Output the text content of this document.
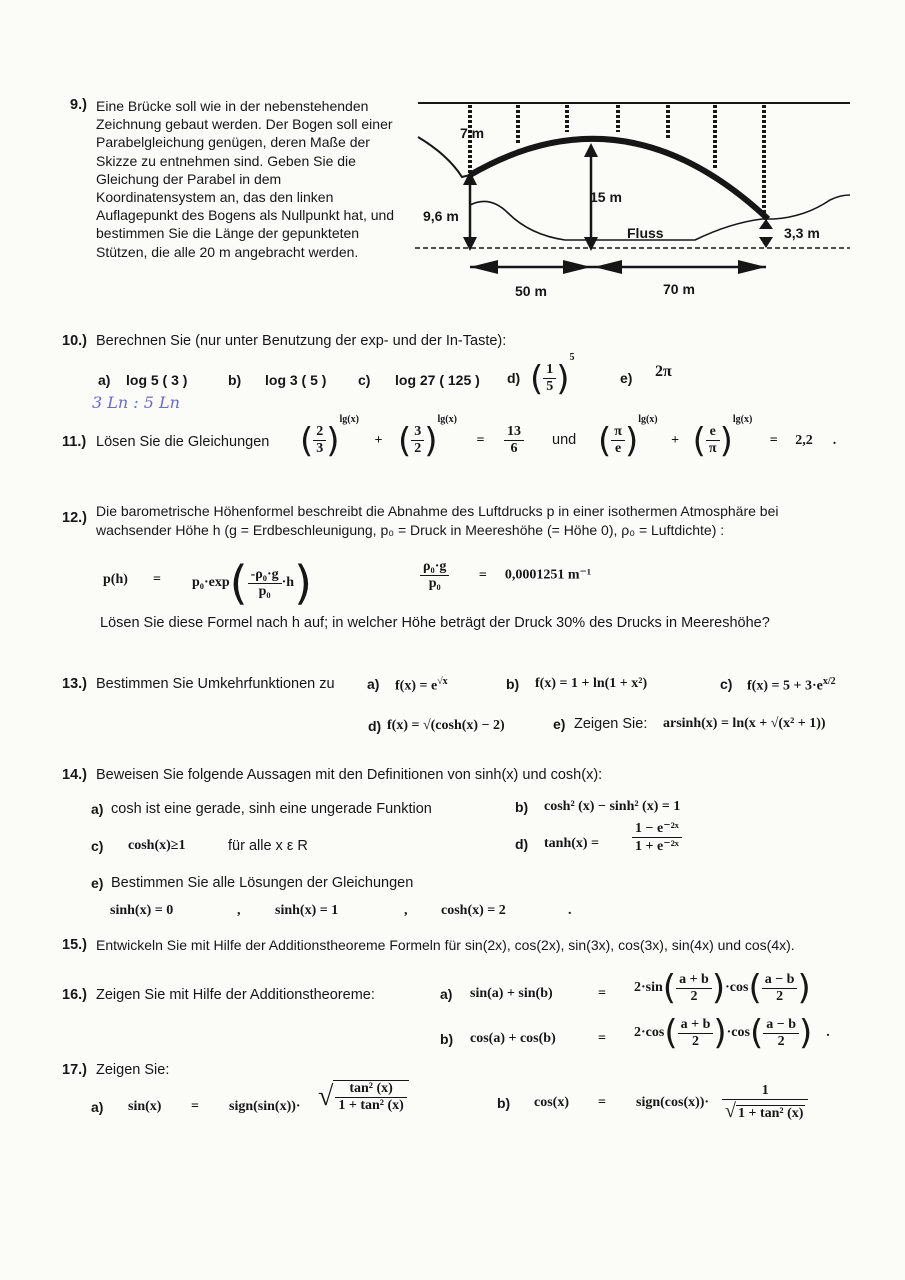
9.) Eine Brücke soll wie in der nebenstehenden Zeichnung gebaut werden. Der Bogen soll einer Parabelgleichung genügen, deren Maße der Skizze zu entnehmen sind. Geben Sie die Gleichung der Parabel in dem Koordinatensystem an, das den linken Auflagepunkt des Bogens als Nullpunkt hat, und bestimmen Sie die Länge der gepunkteten Stützen, die alle 20 m angebracht werden.
7 m
15 m
9,6 m
Fluss	3,3 m
50 m	70 m
10.) Berechnen Sie (nur unter Benutzung der exp- und der In-Taste):
a) log 5 ( 3 )	b) log 3 ( 5 ) c) log 27 ( 125 ) d) ( $\frac{1}{5} )^5$
e) 2π
3 Ln : 5 Ln
11.) Lösen Sie die Gleichungen ( $\frac{2}{3} )^{lg(x)}$ + ( $\frac{3}{2} )^{lg(x)} = \frac{13}{6}$ und ( $\frac{\pi}{e} )^{lg(x)}$ + ( $\frac{e}{\pi} )^{lg(x)} = 2,2$ .
12.) Die barometrische Höhenformel beschreibt die Abnahme des Luftdrucks p in einer isothermen Atmosphäre bei
wachsender Höhe h (g = Erdbeschleunigung, p₀ = Druck in Meereshöhe (= Höhe 0), ρ₀ = Luftdichte) :
$p(h) = p_0\cdot\exp( \frac{\text{-ρ₀·g}}{\text{p₀}} \cdot h)$	$\frac{\text{ρ₀·g}}{\text{p₀}} = 0,0001251$ m⁻¹
Lösen Sie diese Formel nach h auf; in welcher Höhe beträgt der Druck 30% des Drucks in Meereshöhe?
13.) Bestimmen Sie Umkehrfunktionen zu a) $f(x) = e^{√x}$	b) f(x) = 1 + ln(1 + x²)	c) $f(x) = 5 + 3\cdot e^{x/2}$
d) f(x) = √(cosh(x) − 2)	e) Zeigen Sie: arsinh(x) = ln(x + √(x² + 1))
14.) Beweisen Sie folgende Aussagen mit den Definitionen von sinh(x) und cosh(x):
a) cosh ist eine gerade, sinh eine ungerade Funktion	b) cosh² (x) − sinh² (x) = 1
c) cosh(x)≥1	für alle x ε R	d) $\tanh(x) = \frac{\text{1 − e⁻²ˣ}}{\text{1 + e⁻²ˣ}}$
e) Bestimmen Sie alle Lösungen der Gleichungen
sinh(x) = 0	, sinh(x) = 1	, cosh(x) = 2	.
15.) Entwickeln Sie mit Hilfe der Additionstheoreme Formeln für sin(2x), cos(2x), sin(3x), cos(3x), sin(4x) und cos(4x).
16.) Zeigen Sie mit Hilfe der Additionstheoreme:	a) sin(a) + sin(b)	= $2\cdot\sin( \frac{a + b}{2} )\cdot\cos( \frac{a - b}{2}$ )
b) cos(a) + cos(b)	= $2\cdot\cos( \frac{a + b}{2} )\cdot\cos( \frac{a - b}{2}$ ) .
17.) Zeigen Sie:
a) sin(x) = sign(sin(x))· √ $\frac{\text{tan² (x)}}{\text{1 + tan² (x)}}$	b) cos(x) = sign(cos(x))· $\frac{1}{\text{√ 1 + tan² (x)}}$
